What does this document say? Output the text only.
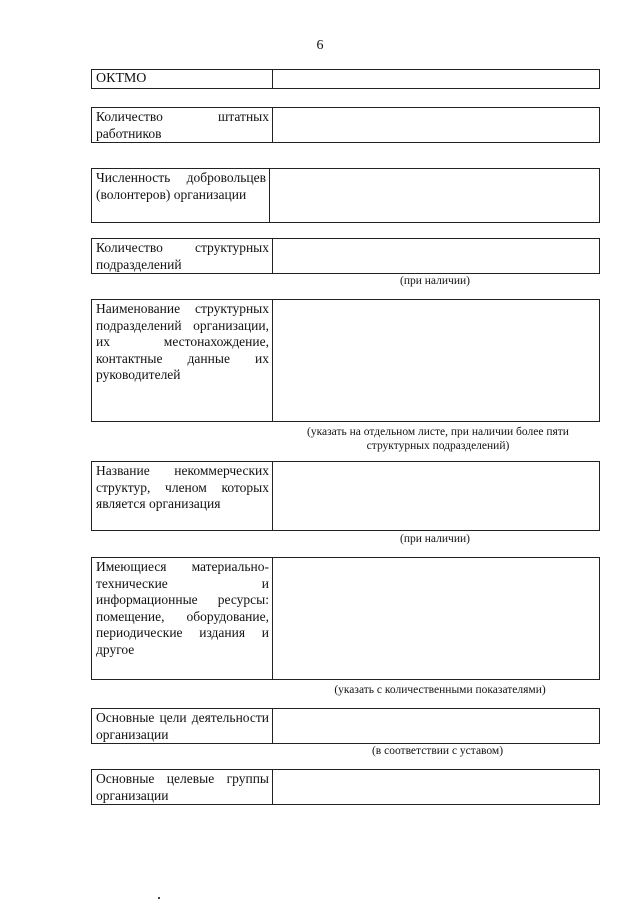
6
ОКТМО
Количество штатных работников
Численность добровольцев (волонтеров) организации
Количество структурных подразделений
(при наличии)
Наименование структурных подразделений организации, их местонахождение, контактные данные их руководителей
(указать на отдельном листе, при наличии более пяти структурных подразделений)
Название некоммерческих структур, членом которых является организация
(при наличии)
Имеющиеся материально-технические и информационные ресурсы: помещение, оборудование, периодические издания и другое
(указать с количественными показателями)
Основные цели деятельности организации
(в соответствии с уставом)
Основные целевые группы организации
